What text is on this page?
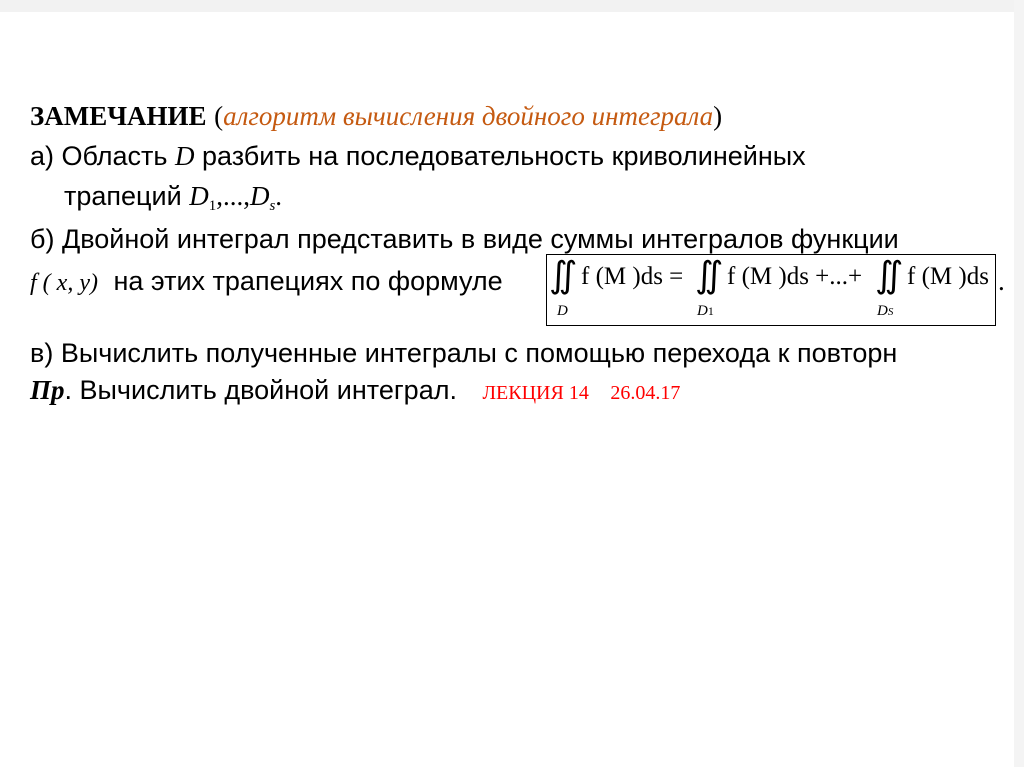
ЗАМЕЧАНИЕ (алгоритм вычисления двойного интеграла)
а) Область D разбить на последовательность криволинейных
трапеций $D_1,...,D_s$.
б) Двойной интеграл представить в виде суммы интегралов функции
f ( x, y) на этих трапециях по формуле ∬ f (M )ds =
D
∬ f (M )ds +...+
D1
∬ f (M )ds
DS
.
в) Вычислить полученные интегралы с помощью перехода к повторн
Пр. Вычислить двойной интеграл. ЛЕКЦИЯ 14 26.04.17
